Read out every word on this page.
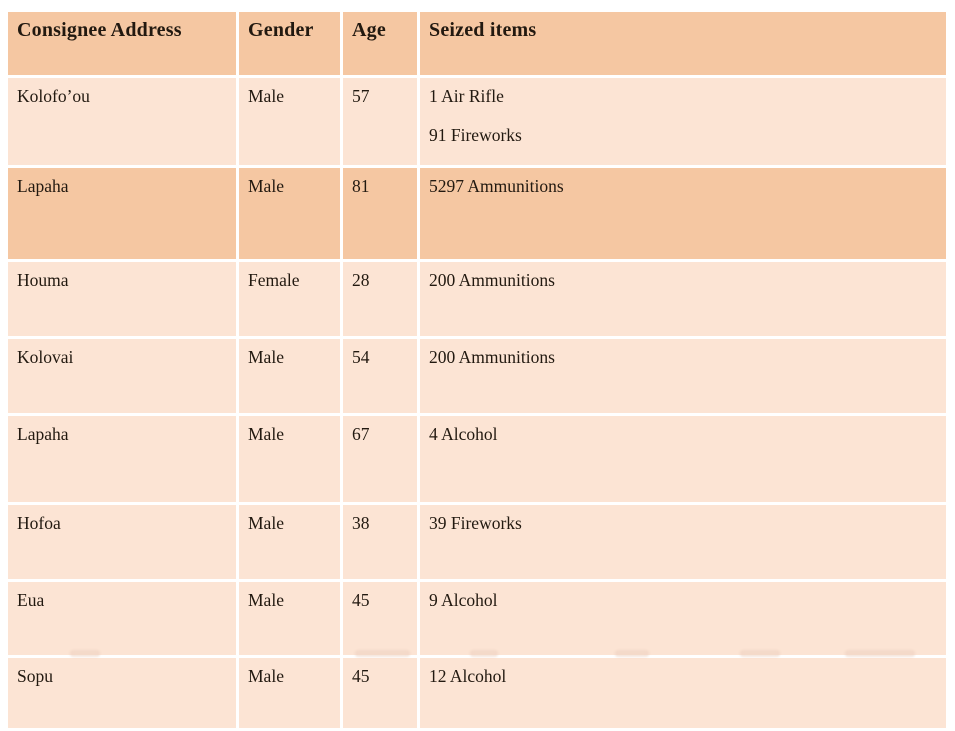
Consignee Address	Gender	Age	Seized items
Kolofo’ou	Male	57	1 Air Rifle
91 Fireworks

Lapaha	Male	81	5297 Ammunitions

Houma	Female	28	200 Ammunitions

Kolovai	Male	54	200 Ammunitions

Lapaha	Male	67	4 Alcohol

Hofoa	Male	38	39 Fireworks

Eua	Male	45	9 Alcohol

Sopu	Male	45	12 Alcohol
